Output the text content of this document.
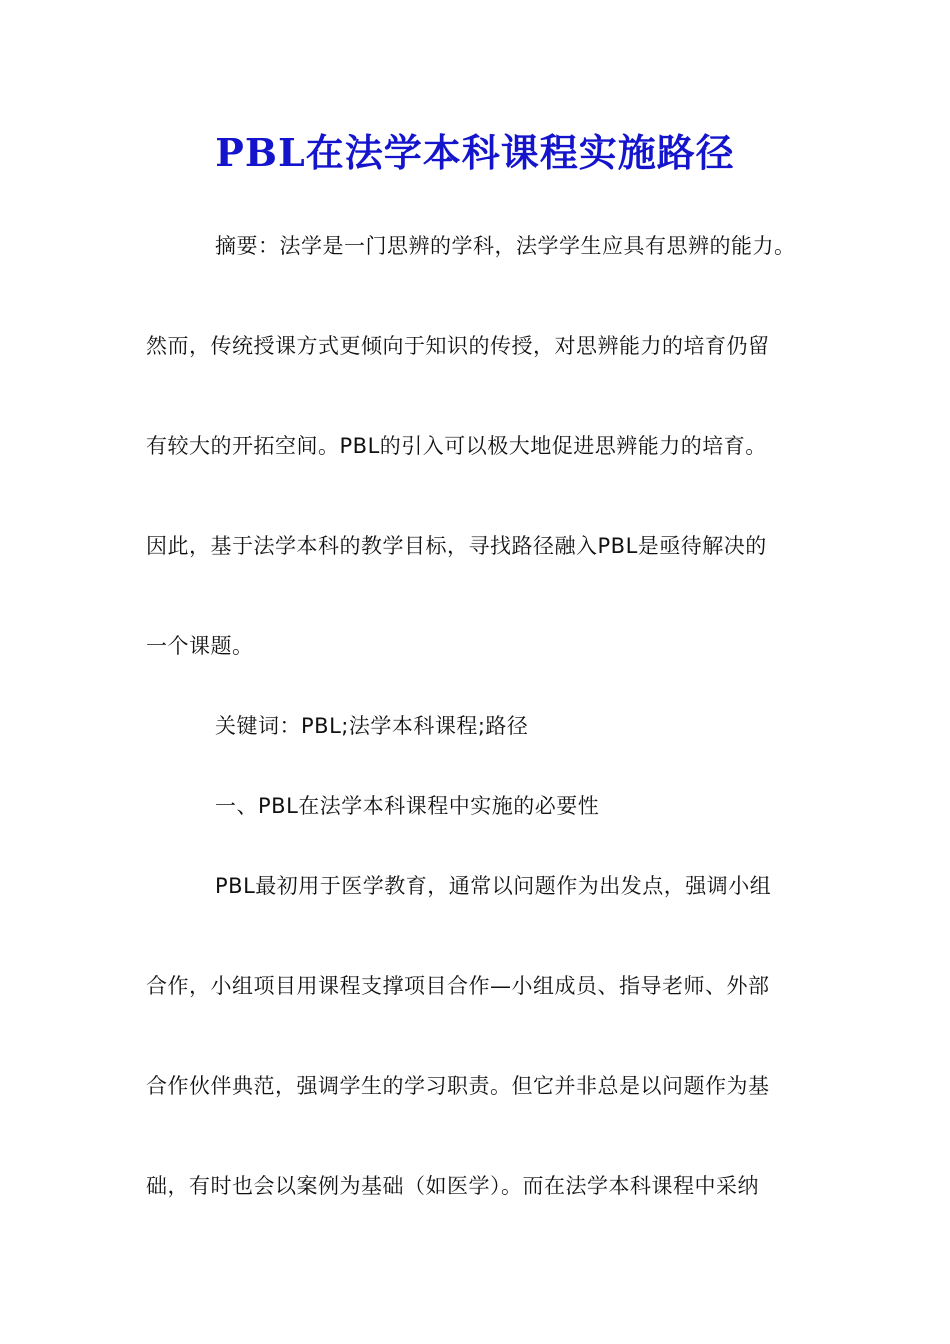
PBL在法学本科课程实施路径

摘要：法学是一门思辨的学科，法学学生应具有思辨的能力。

然而，传统授课方式更倾向于知识的传授，对思辨能力的培育仍留

有较大的开拓空间。PBL的引入可以极大地促进思辨能力的培育。

因此，基于法学本科的教学目标，寻找路径融入PBL是亟待解决的

一个课题。

关键词：PBL;法学本科课程;路径

一、PBL在法学本科课程中实施的必要性

PBL最初用于医学教育，通常以问题作为出发点，强调小组

合作，小组项目用课程支撑项目合作—小组成员、指导老师、外部

合作伙伴典范，强调学生的学习职责。但它并非总是以问题作为基

础，有时也会以案例为基础（如医学）。而在法学本科课程中采纳
